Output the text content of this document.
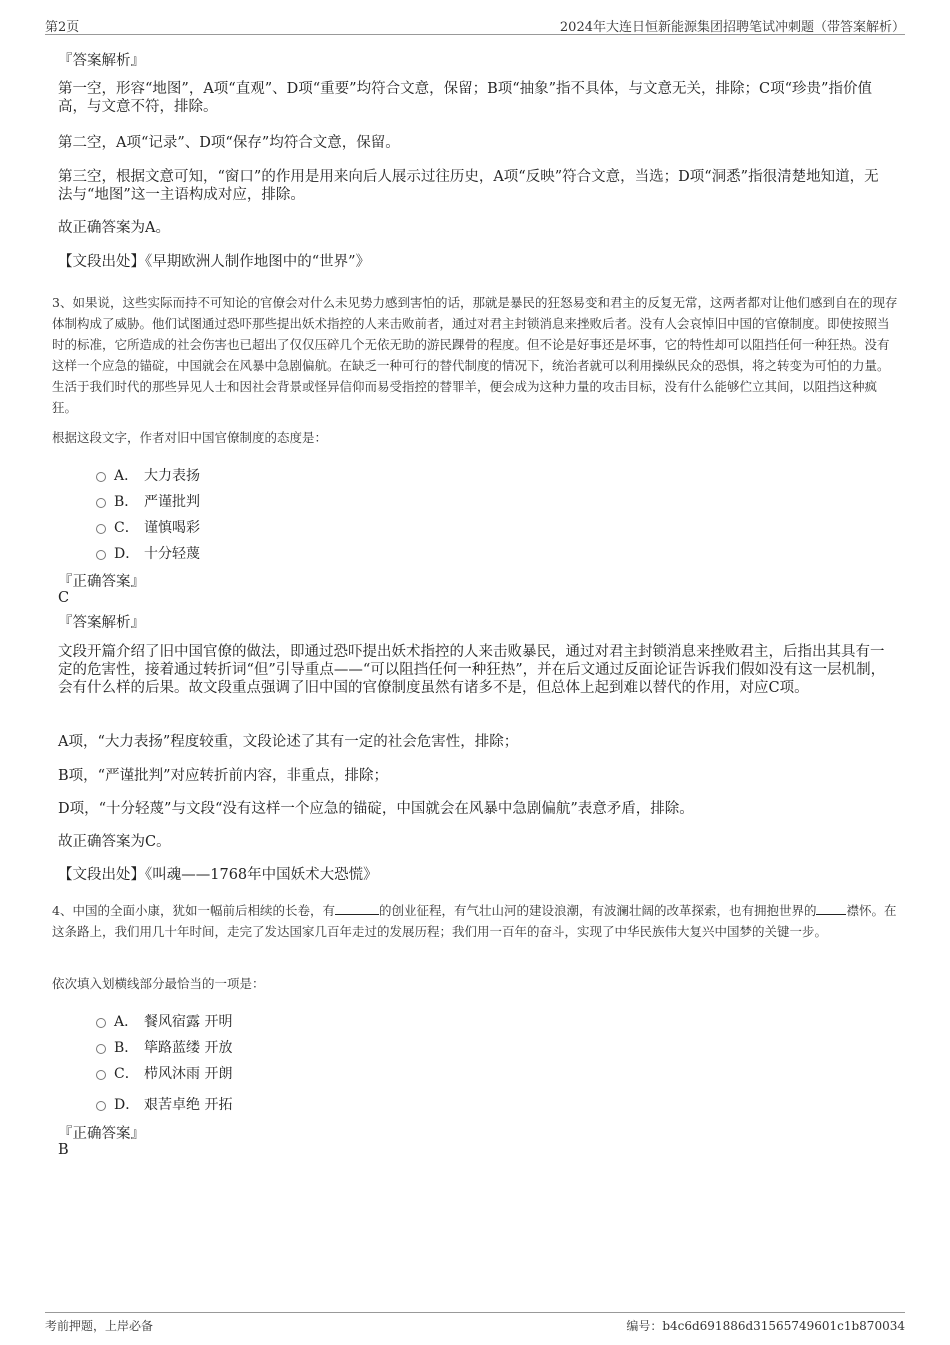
第2页	2024年大连日恒新能源集团招聘笔试冲刺题（带答案解析）

『答案解析』

第一空，形容“地图”，A项“直观”、D项“重要”均符合文意，保留；B项“抽象”指不具体，与文意无关，排除；C项“珍贵”指价值高，与文意不符，排除。

第二空，A项“记录”、D项“保存”均符合文意，保留。

第三空，根据文意可知，“窗口”的作用是用来向后人展示过往历史，A项“反映”符合文意，当选；D项“洞悉”指很清楚地知道，无法与“地图”这一主语构成对应，排除。

故正确答案为A。

【文段出处】《早期欧洲人制作地图中的“世界”》

3、如果说，这些实际而持不可知论的官僚会对什么未见势力感到害怕的话，那就是暴民的狂怒易变和君主的反复无常，这两者都对让他们感到自在的现存体制构成了威胁。他们试图通过恐吓那些提出妖术指控的人来击败前者，通过对君主封锁消息来挫败后者。没有人会哀悼旧中国的官僚制度。即使按照当时的标准，它所造成的社会伤害也已超出了仅仅压碎几个无依无助的游民踝骨的程度。但不论是好事还是坏事，它的特性却可以阻挡任何一种狂热。没有这样一个应急的锚碇，中国就会在风暴中急剧偏航。在缺乏一种可行的替代制度的情况下，统治者就可以利用操纵民众的恐惧，将之转变为可怕的力量。生活于我们时代的那些异见人士和因社会背景或怪异信仰而易受指控的替罪羊，便会成为这种力量的攻击目标，没有什么能够伫立其间，以阻挡这种疯狂。

根据这段文字，作者对旧中国官僚制度的态度是：

A． 大力表扬
B． 严谨批判
C． 谨慎喝彩
D． 十分轻蔑

『正确答案』

C

『答案解析』

文段开篇介绍了旧中国官僚的做法，即通过恐吓提出妖术指控的人来击败暴民，通过对君主封锁消息来挫败君主，后指出其具有一定的危害性，接着通过转折词“但”引导重点——“可以阻挡任何一种狂热”，并在后文通过反面论证告诉我们假如没有这一层机制，会有什么样的后果。故文段重点强调了旧中国的官僚制度虽然有诸多不是，但总体上起到难以替代的作用，对应C项。

A项，“大力表扬”程度较重，文段论述了其有一定的社会危害性，排除；

B项，“严谨批判”对应转折前内容，非重点，排除；

D项，“十分轻蔑”与文段“没有这样一个应急的锚碇，中国就会在风暴中急剧偏航”表意矛盾，排除。

故正确答案为C。

【文段出处】《叫魂——1768年中国妖术大恐慌》

4、中国的全面小康，犹如一幅前后相续的长卷，有	的创业征程，有气壮山河的建设浪潮，有波澜壮阔的改革探索，也有拥抱世界的 襟怀。在这条路上，我们用几十年时间，走完了发达国家几百年走过的发展历程；我们用一百年的奋斗，实现了中华民族伟大复兴中国梦的关键一步。

依次填入划横线部分最恰当的一项是：

A． 餐风宿露 开明
B． 筚路蓝缕 开放
C． 栉风沐雨 开朗
D． 艰苦卓绝 开拓

『正确答案』

B

考前押题，上岸必备	编号：b4c6d691886d31565749601c1b870034
